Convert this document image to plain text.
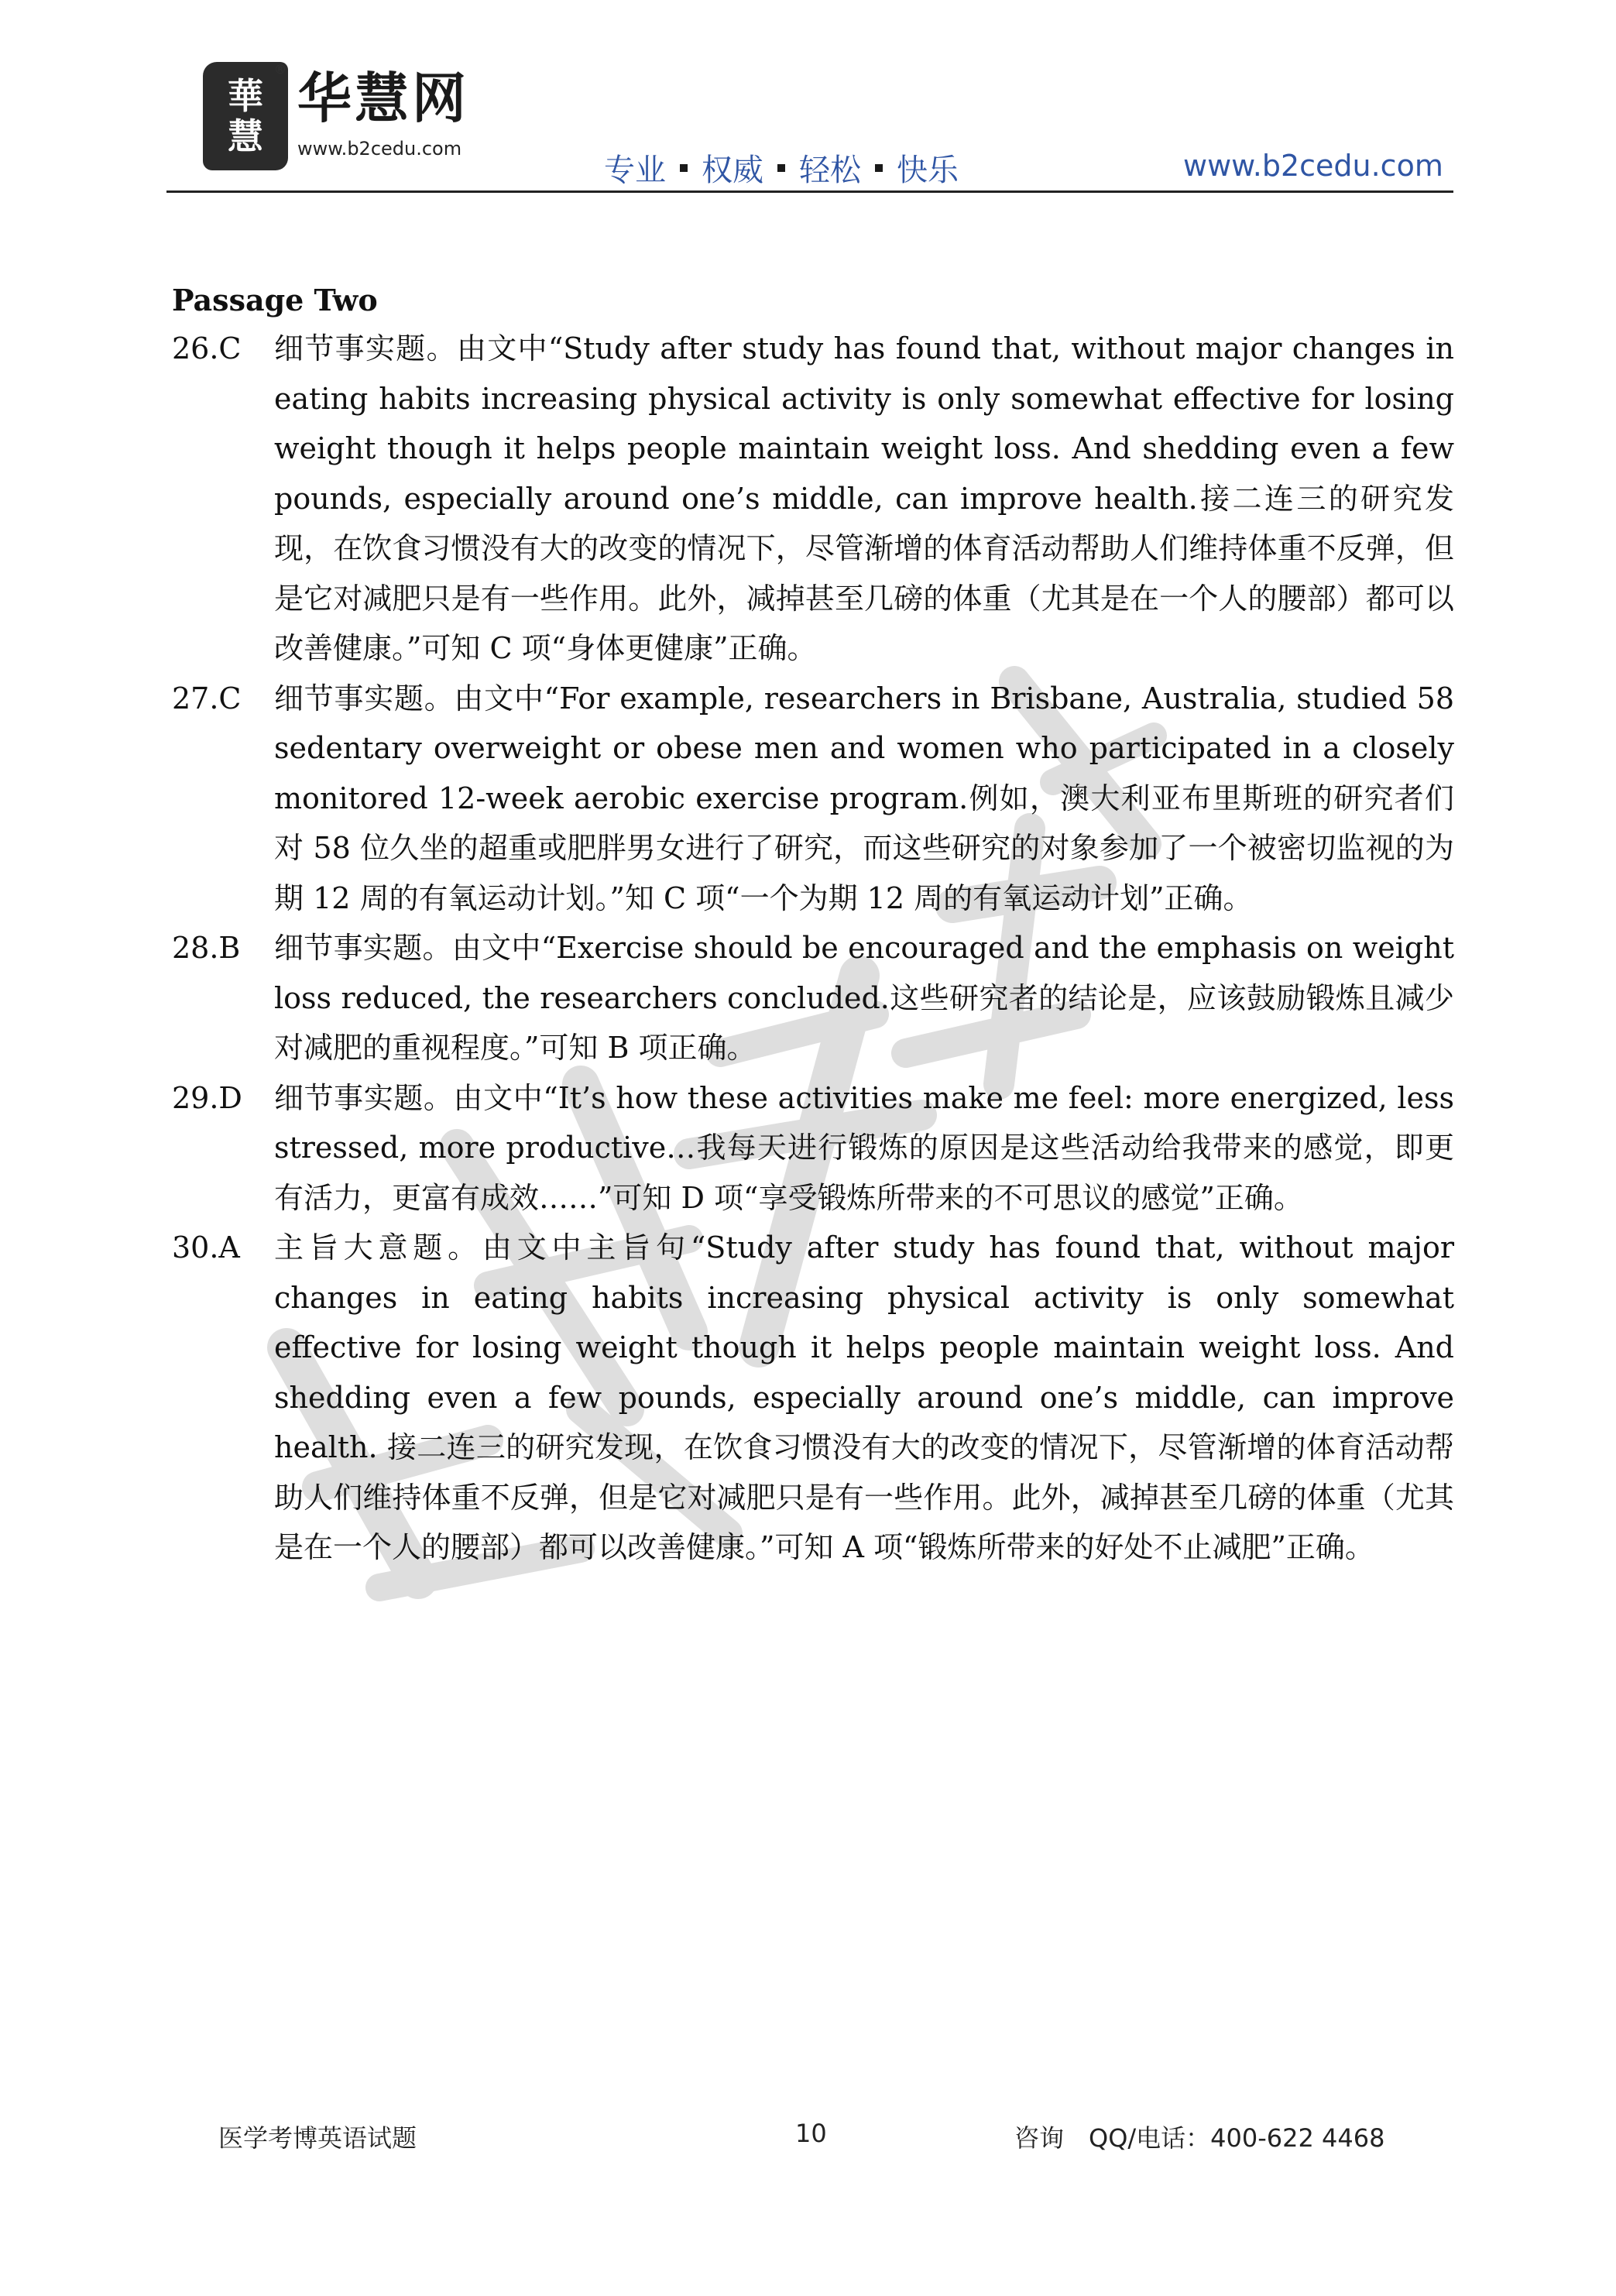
華
慧
® 华慧网
www.b2cedu.com
专业 权威 轻松 快乐	www.b2cedu.com
Passage Two
26.C	细节事实题。由文中“Study after study has found that, without major changes in eating habits increasing physical activity is only somewhat effective for losing weight though it helps people maintain weight loss. And shedding even a few pounds, especially around one’s middle, can improve health.接二连三的研究发现，在饮食习惯没有大的改变的情况下，尽管渐增的体育活动帮助人们维持体重不反弹，但是它对减肥只是有一些作用。此外，减掉甚至几磅的体重（尤其是在一个人的腰部）都可以改善健康。”可知 C 项“身体更健康”正确。
27.C	细节事实题。由文中“For example, researchers in Brisbane, Australia, studied 58 sedentary overweight or obese men and women who participated in a closely monitored 12-week aerobic exercise program.例如，澳大利亚布里斯班的研究者们对 58 位久坐的超重或肥胖男女进行了研究，而这些研究的对象参加了一个被密切监视的为期 12 周的有氧运动计划。”知 C 项“一个为期 12 周的有氧运动计划”正确。
28.B	细节事实题。由文中“Exercise should be encouraged and the emphasis on weight loss reduced, the researchers concluded.这些研究者的结论是，应该鼓励锻炼且减少对减肥的重视程度。”可知 B 项正确。
29.D	细节事实题。由文中“It’s how these activities make me feel: more energized, less stressed, more productive…我每天进行锻炼的原因是这些活动给我带来的感觉，即更有活力，更富有成效……”可知 D 项“享受锻炼所带来的不可思议的感觉”正确。
30.A	主旨大意题。由文中主旨句“Study after study has found that, without major changes in eating habits increasing physical activity is only somewhat effective for losing weight though it helps people maintain weight loss. And shedding even a few pounds, especially around one’s middle, can improve health. 接二连三的研究发现，在饮食习惯没有大的改变的情况下，尽管渐增的体育活动帮助人们维持体重不反弹，但是它对减肥只是有一些作用。此外，减掉甚至几磅的体重（尤其是在一个人的腰部）都可以改善健康。”可知 A 项“锻炼所带来的好处不止减肥”正确。
医学考博英语试题	10	咨询　QQ/电话：400-622 4468
